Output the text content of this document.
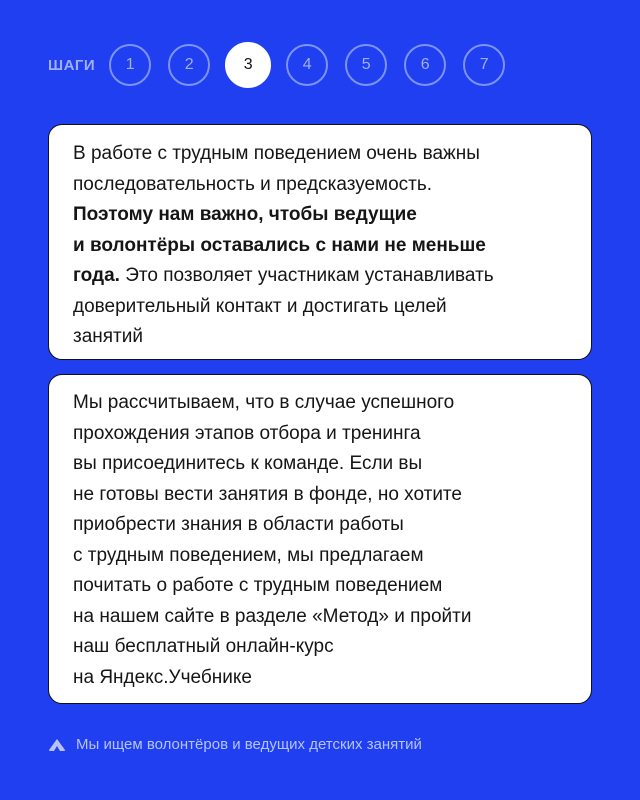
ШАГИ	1	2	3	4	5	6	7
В работе с трудным поведением очень важны
последовательность и предсказуемость.
Поэтому нам важно, чтобы ведущие
и волонтёры оставались с нами не меньше
года. Это позволяет участникам устанавливать
доверительный контакт и достигать целей
занятий
Мы рассчитываем, что в случае успешного
прохождения этапов отбора и тренинга
вы присоединитесь к команде. Если вы
не готовы вести занятия в фонде, но хотите
приобрести знания в области работы
с трудным поведением, мы предлагаем
почитать о работе с трудным поведением
на нашем сайте в разделе «Метод» и пройти
наш бесплатный онлайн-курс
на Яндекс.Учебнике
Мы ищем волонтёров и ведущих детских занятий
